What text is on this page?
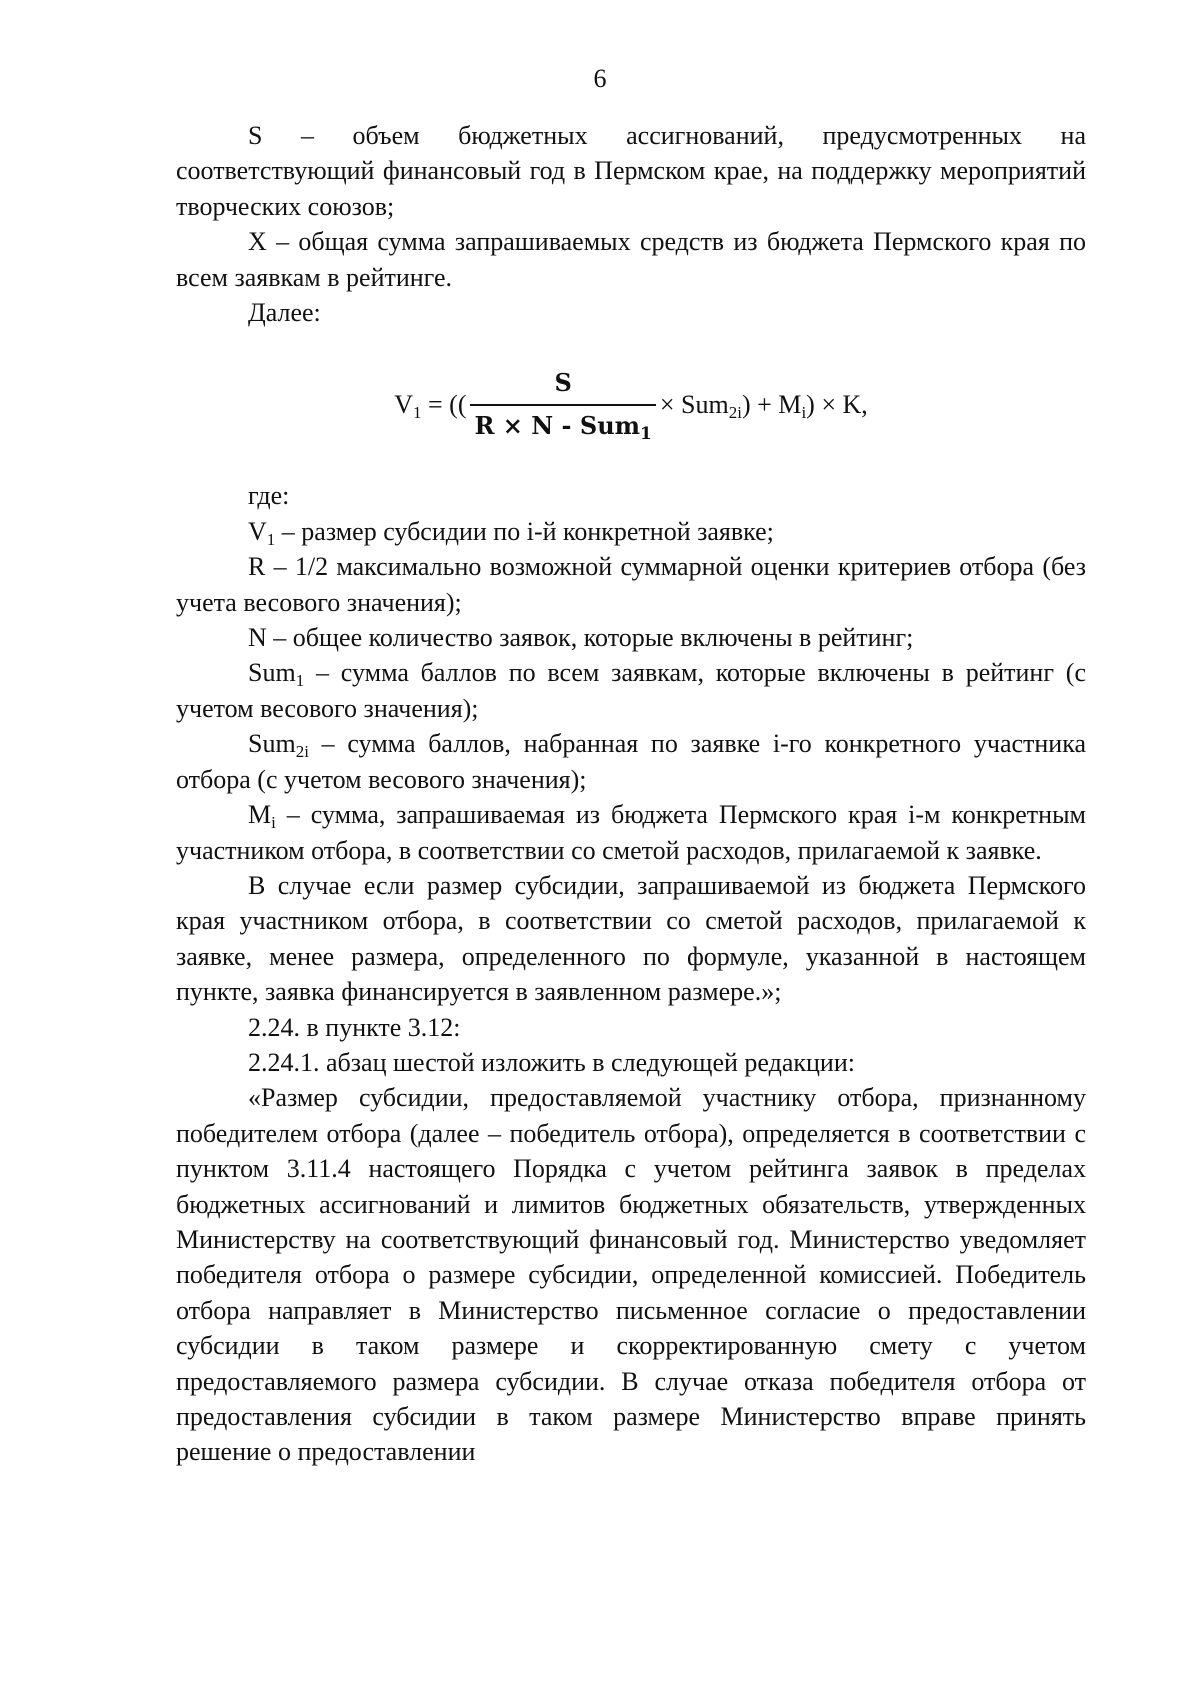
6

S – объем бюджетных ассигнований, предусмотренных на соответствующий финансовый год в Пермском крае, на поддержку мероприятий творческих союзов;

X – общая сумма запрашиваемых средств из бюджета Пермского края по всем заявкам в рейтинге.

Далее:

$V_1$ = (( $\frac{S}{R \times N - Sum_1} \times Sum_{2i}) + M_i) \times K$,

где:

$V_1$ – размер субсидии по i-й конкретной заявке;

R – 1/2 максимально возможной суммарной оценки критериев отбора (без учета весового значения);

N – общее количество заявок, которые включены в рейтинг;

Sum$_1$ – сумма баллов по всем заявкам, которые включены в рейтинг (с учетом весового значения);

Sum$_{2i}$ – сумма баллов, набранная по заявке i-го конкретного участника отбора (с учетом весового значения);

$M_i$ – сумма, запрашиваемая из бюджета Пермского края i-м конкретным участником отбора, в соответствии со сметой расходов, прилагаемой к заявке.

В случае если размер субсидии, запрашиваемой из бюджета Пермского края участником отбора, в соответствии со сметой расходов, прилагаемой к заявке, менее размера, определенного по формуле, указанной в настоящем пункте, заявка финансируется в заявленном размере.»;

2.24. в пункте 3.12:

2.24.1. абзац шестой изложить в следующей редакции:

«Размер субсидии, предоставляемой участнику отбора, признанному победителем отбора (далее – победитель отбора), определяется в соответствии с пунктом 3.11.4 настоящего Порядка с учетом рейтинга заявок в пределах бюджетных ассигнований и лимитов бюджетных обязательств, утвержденных Министерству на соответствующий финансовый год. Министерство уведомляет победителя отбора о размере субсидии, определенной комиссией. Победитель отбора направляет в Министерство письменное согласие о предоставлении субсидии в таком размере и скорректированную смету с учетом предоставляемого размера субсидии. В случае отказа победителя отбора от предоставления субсидии в таком размере Министерство вправе принять решение о предоставлении
